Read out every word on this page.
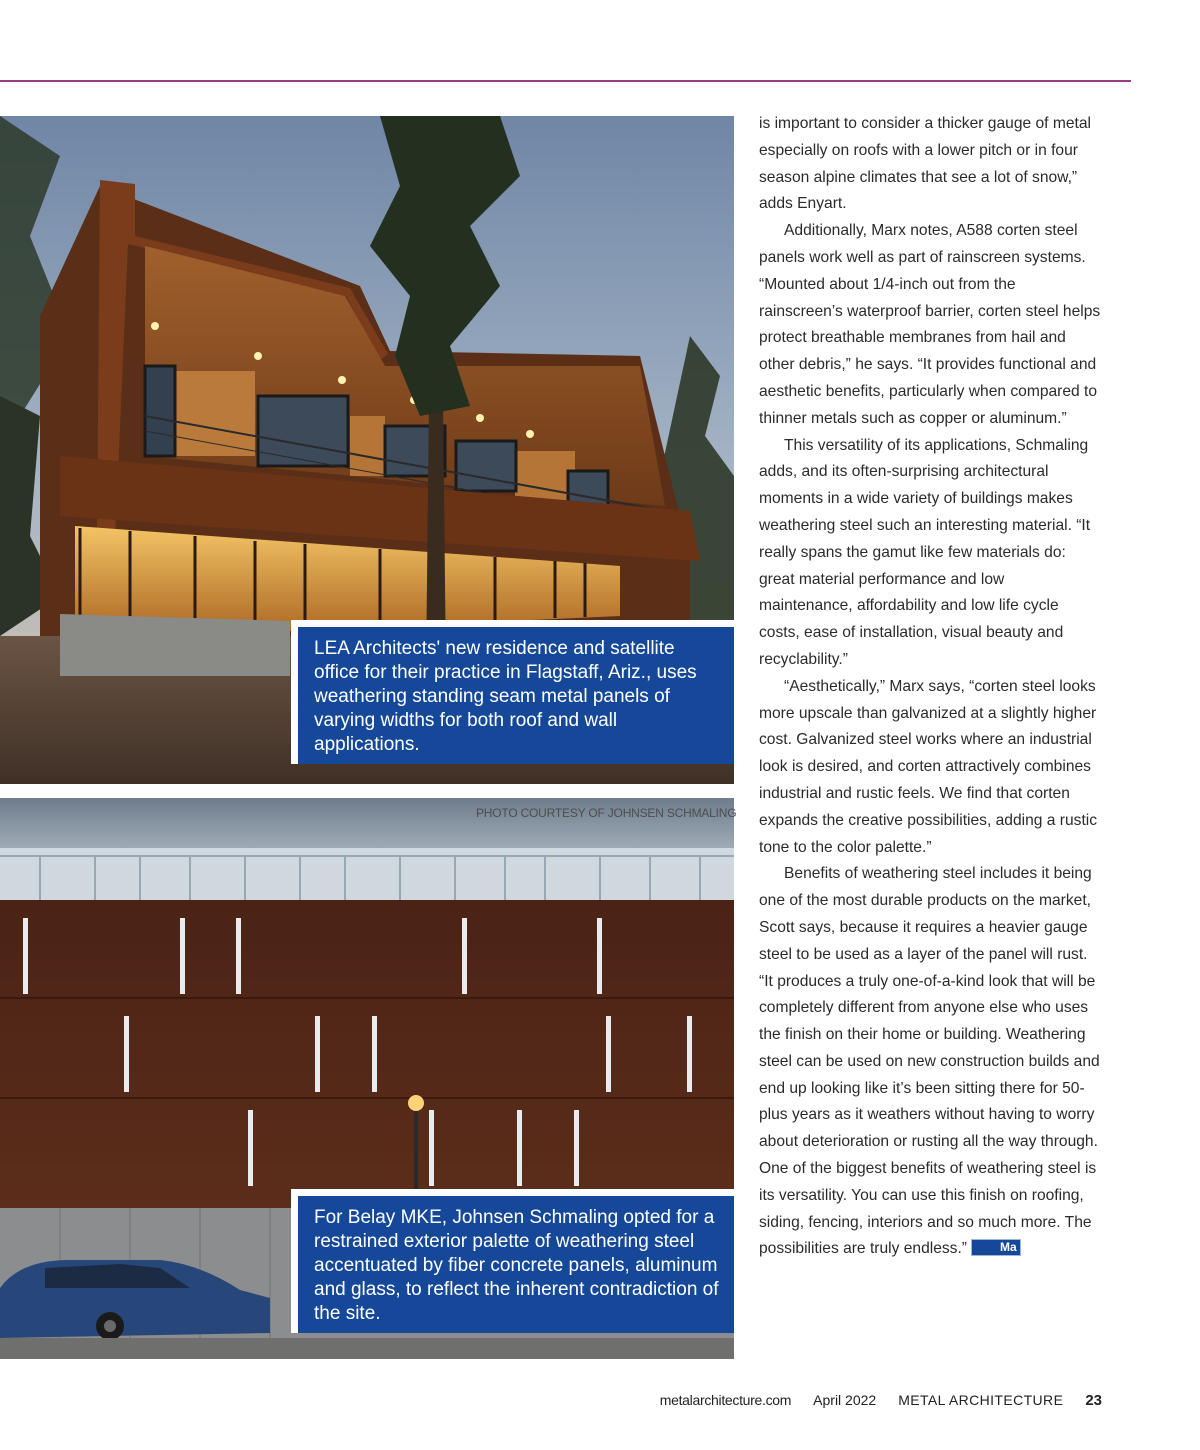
LEA Architects' new residence and satellite office for their practice in Flagstaff, Ariz., uses weathering standing seam metal panels of varying widths for both roof and wall applications.
PHOTO COURTESY OF JOHNSEN SCHMALING
For Belay MKE, Johnsen Schmaling opted for a restrained exterior palette of weathering steel accentuated by fiber concrete panels, aluminum and glass, to reflect the inherent contradiction of the site.

is important to consider a thicker gauge of metal especially on roofs with a lower pitch or in four season alpine climates that see a lot of snow,” adds Enyart.

Additionally, Marx notes, A588 corten steel panels work well as part of rainscreen systems. “Mounted about 1/4-inch out from the rainscreen’s waterproof barrier, corten steel helps protect breathable membranes from hail and other debris,” he says. “It provides functional and aesthetic benefits, particularly when compared to thinner metals such as copper or aluminum.”

This versatility of its applications, Schmaling adds, and its often-surprising architectural moments in a wide variety of buildings makes weathering steel such an interesting material. “It really spans the gamut like few materials do: great material performance and low maintenance, affordability and low life cycle costs, ease of installation, visual beauty and recyclability.”

“Aesthetically,” Marx says, “corten steel looks more upscale than galvanized at a slightly higher cost. Galvanized steel works where an industrial look is desired, and corten attractively combines industrial and rustic feels. We find that corten expands the creative possibilities, adding a rustic tone to the color palette.”

Benefits of weathering steel includes it being one of the most durable products on the market, Scott says, because it requires a heavier gauge steel to be used as a layer of the panel will rust. “It produces a truly one-of-a-kind look that will be completely different from anyone else who uses the finish on their home or building. Weathering steel can be used on new construction builds and end up looking like it’s been sitting there for 50-plus years as it weathers without having to worry about deterioration or rusting all the way through. One of the biggest benefits of weathering steel is its versatility. You can use this finish on roofing, siding, fencing, interiors and so much more. The possibilities are truly endless.”	Ma

metalarchitecture.com April 2022 METAL ARCHITECTURE 23
